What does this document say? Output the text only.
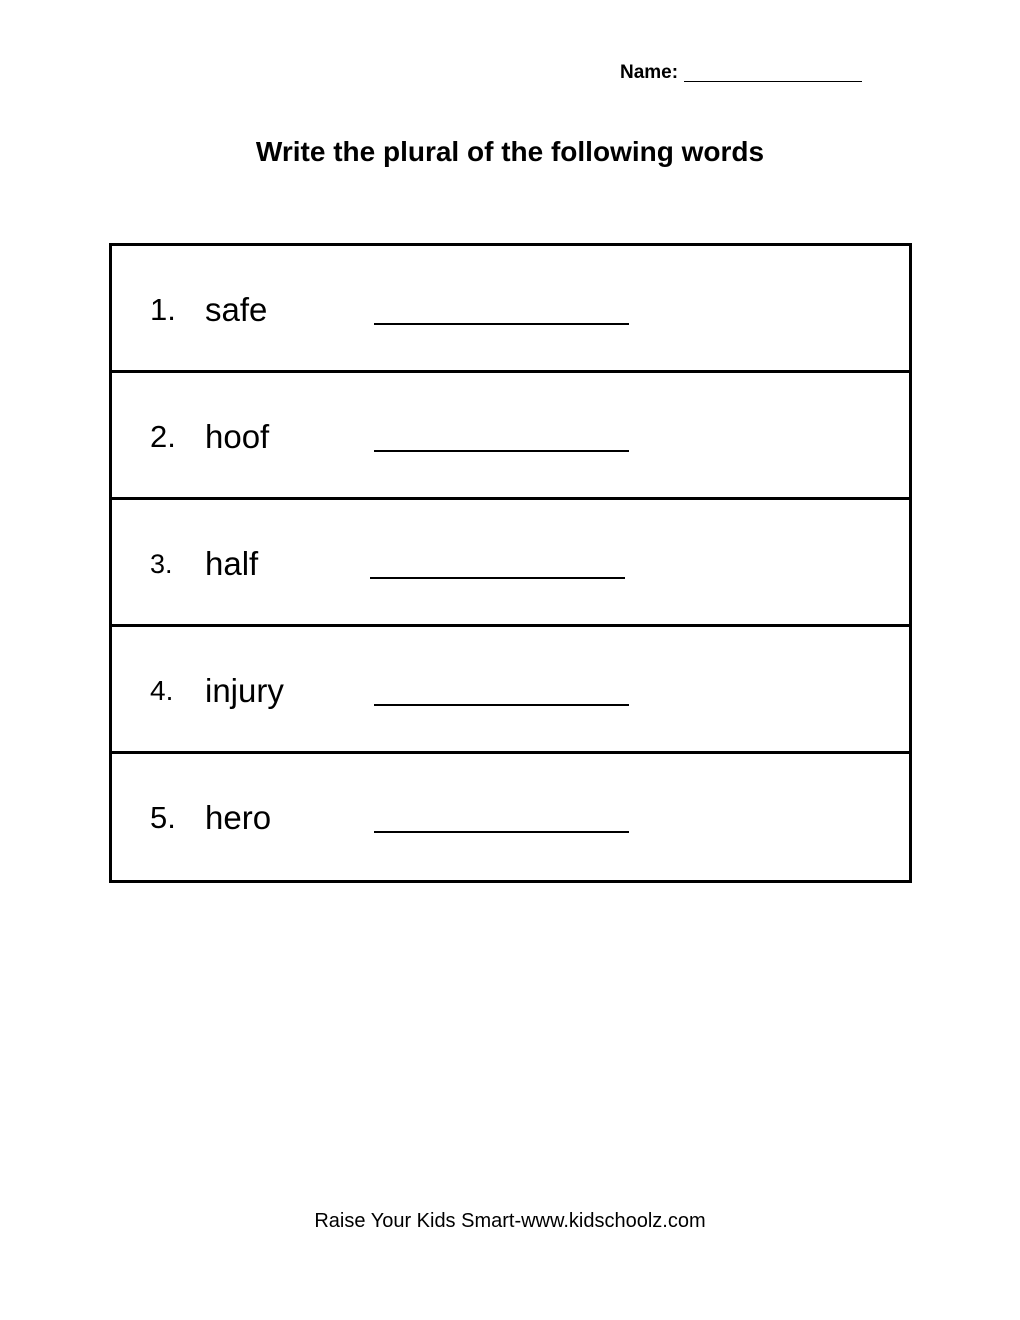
Name:
Write the plural of the following words
1. safe
2. hoof
3. half
4. injury
5. hero
Raise Your Kids Smart-www.kidschoolz.com
